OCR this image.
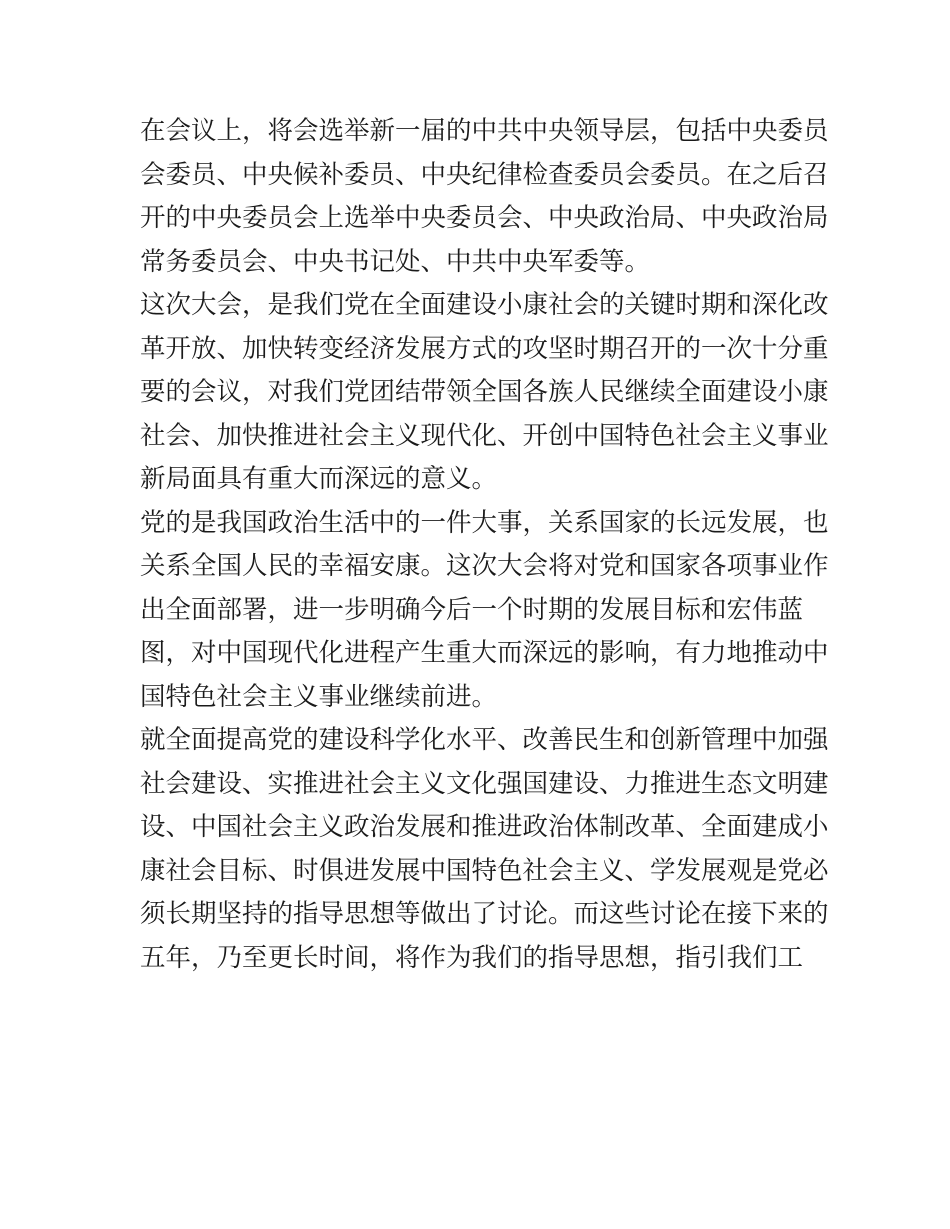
在会议上，将会选举新一届的中共中央领导层，包括中央委员
会委员、中央候补委员、中央纪律检查委员会委员。在之后召
开的中央委员会上选举中央委员会、中央政治局、中央政治局
常务委员会、中央书记处、中共中央军委等。
这次大会，是我们党在全面建设小康社会的关键时期和深化改
革开放、加快转变经济发展方式的攻坚时期召开的一次十分重
要的会议，对我们党团结带领全国各族人民继续全面建设小康
社会、加快推进社会主义现代化、开创中国特色社会主义事业
新局面具有重大而深远的意义。
党的是我国政治生活中的一件大事，关系国家的长远发展，也
关系全国人民的幸福安康。这次大会将对党和国家各项事业作
出全面部署，进一步明确今后一个时期的发展目标和宏伟蓝
图，对中国现代化进程产生重大而深远的影响，有力地推动中
国特色社会主义事业继续前进。
就全面提高党的建设科学化水平、改善民生和创新管理中加强
社会建设、实推进社会主义文化强国建设、力推进生态文明建
设、中国社会主义政治发展和推进政治体制改革、全面建成小
康社会目标、时俱进发展中国特色社会主义、学发展观是党必
须长期坚持的指导思想等做出了讨论。而这些讨论在接下来的
五年，乃至更长时间，将作为我们的指导思想，指引我们工
